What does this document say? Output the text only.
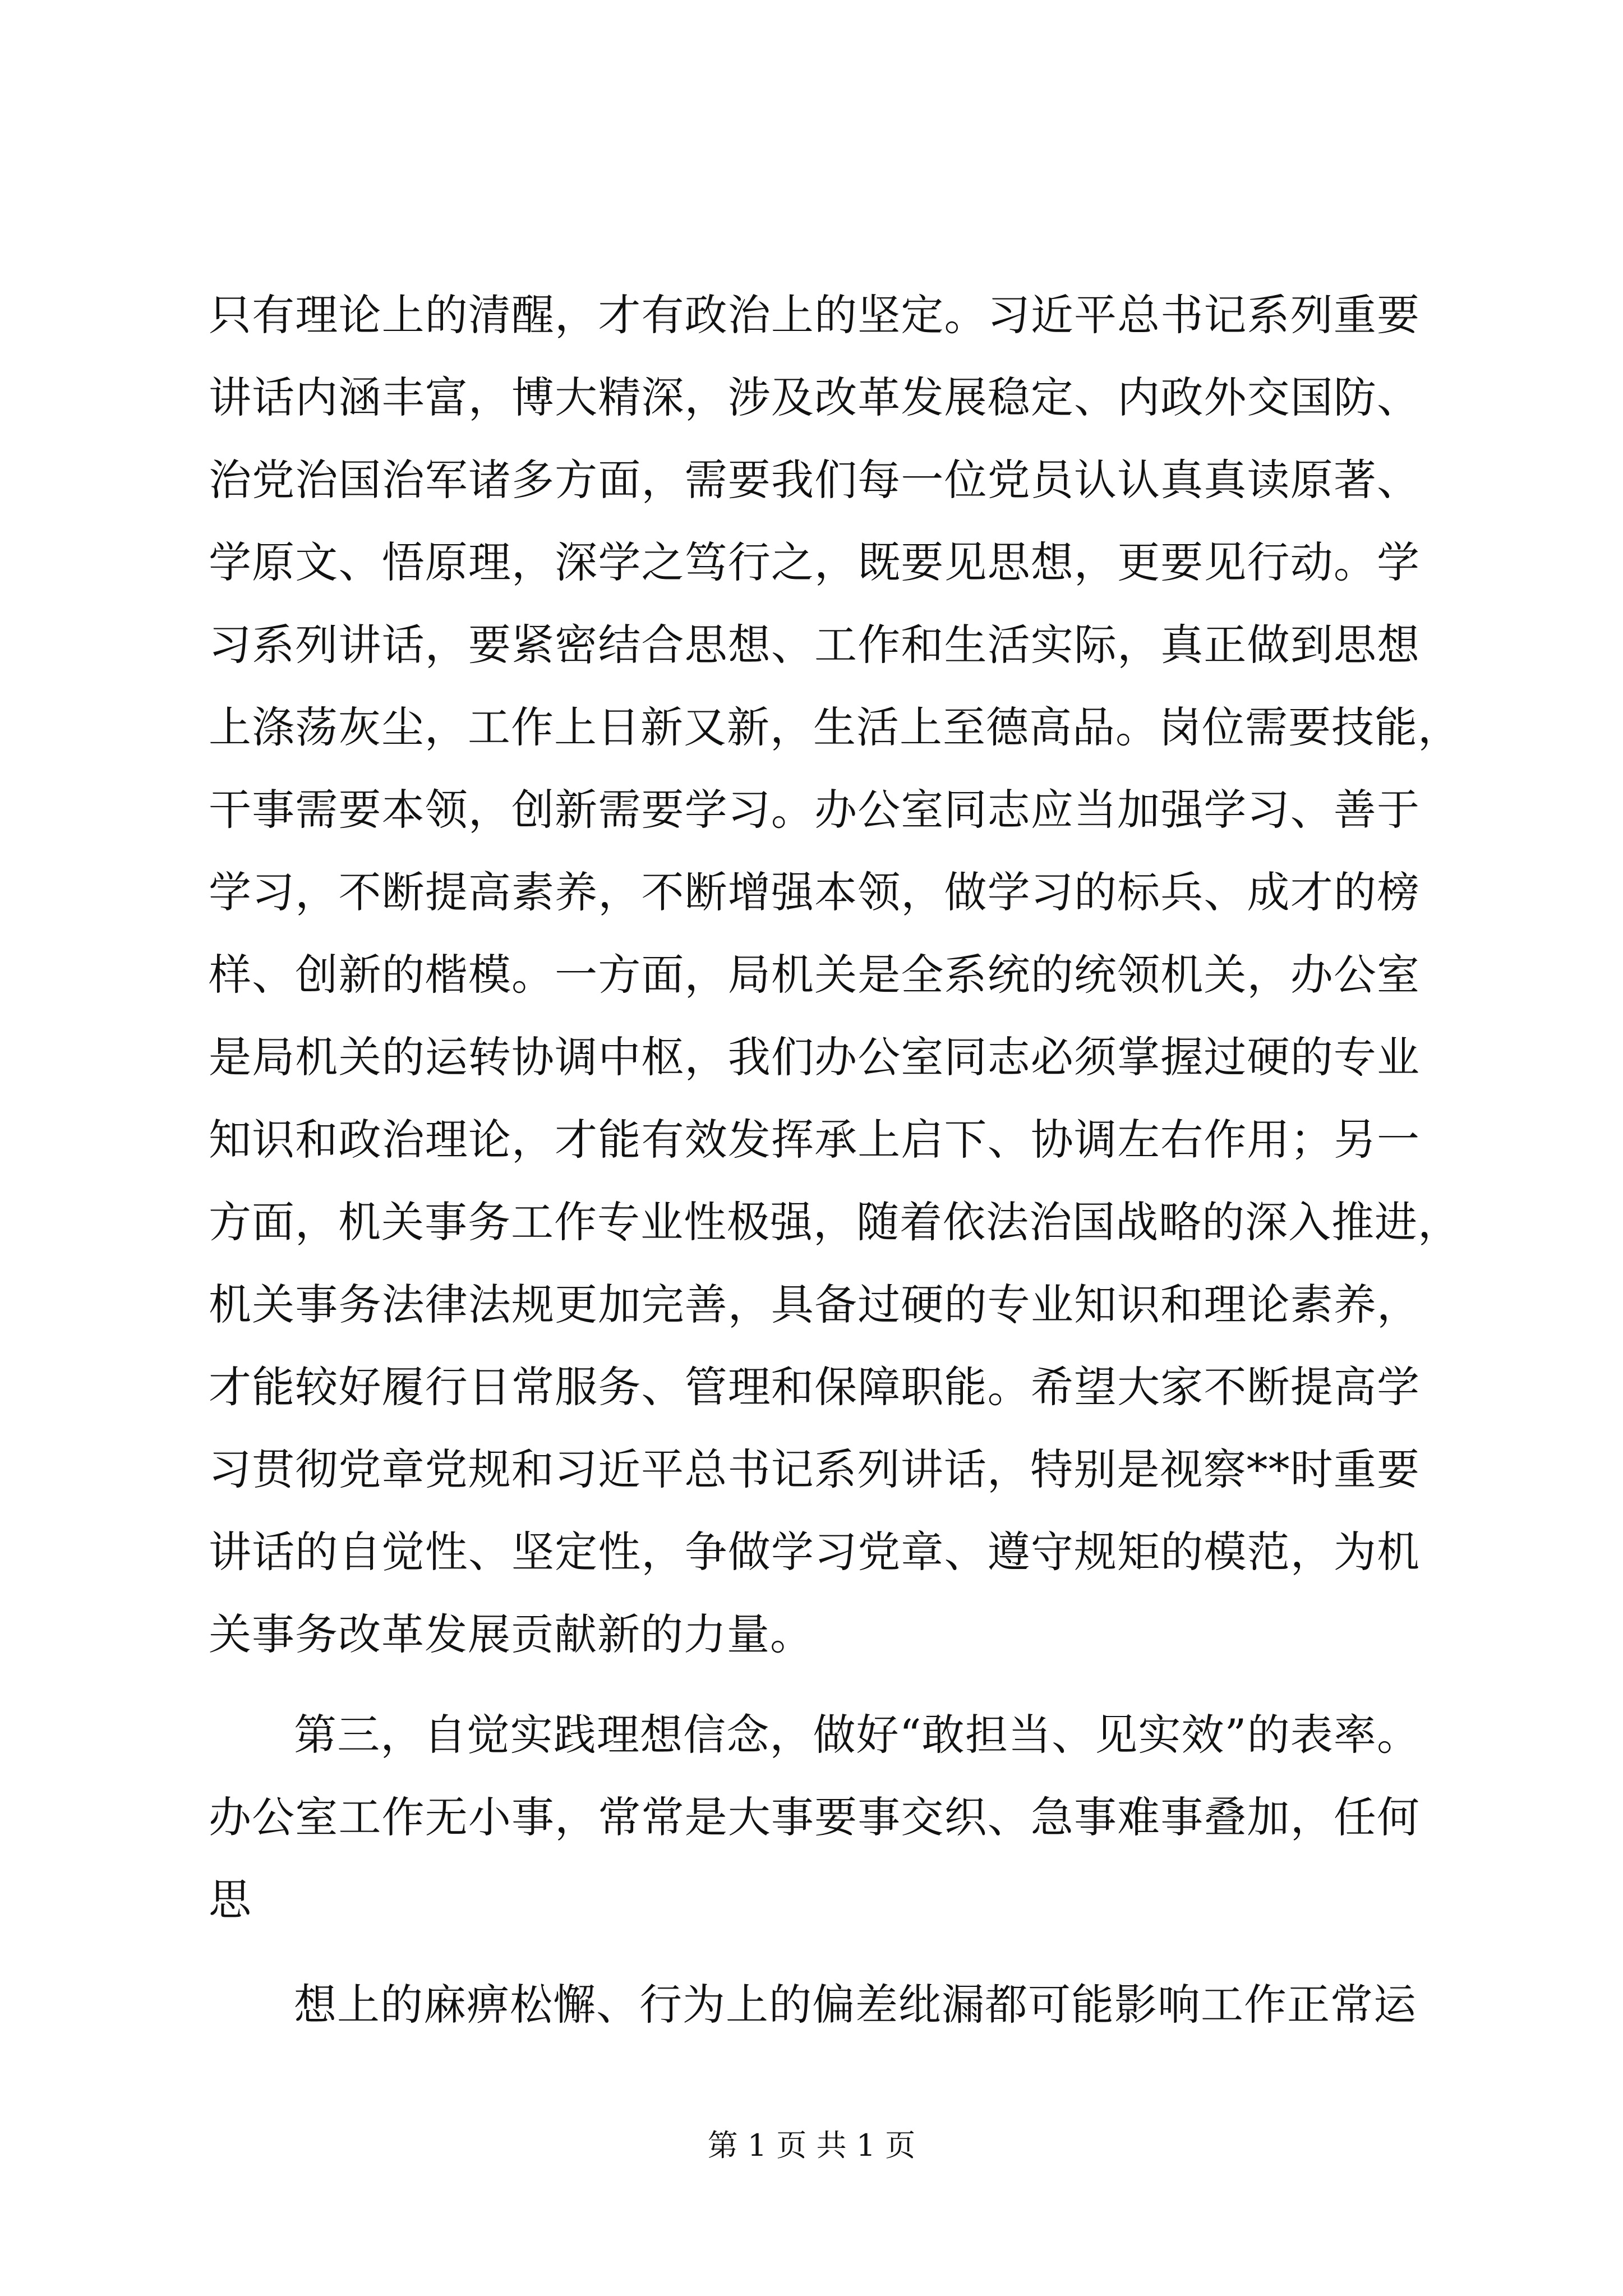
只有理论上的清醒，才有政治上的坚定。习近平总书记系列重要
讲话内涵丰富，博大精深，涉及改革发展稳定、内政外交国防、
治党治国治军诸多方面，需要我们每一位党员认认真真读原著、
学原文、悟原理，深学之笃行之，既要见思想，更要见行动。学
习系列讲话，要紧密结合思想、工作和生活实际，真正做到思想
上涤荡灰尘，工作上日新又新，生活上至德高品。岗位需要技能，
干事需要本领，创新需要学习。办公室同志应当加强学习、善于
学习，不断提高素养，不断增强本领，做学习的标兵、成才的榜
样、创新的楷模。一方面，局机关是全系统的统领机关，办公室
是局机关的运转协调中枢，我们办公室同志必须掌握过硬的专业
知识和政治理论，才能有效发挥承上启下、协调左右作用；另一
方面，机关事务工作专业性极强，随着依法治国战略的深入推进，
机关事务法律法规更加完善，具备过硬的专业知识和理论素养，
才能较好履行日常服务、管理和保障职能。希望大家不断提高学
习贯彻党章党规和习近平总书记系列讲话，特别是视察**时重要
讲话的自觉性、坚定性，争做学习党章、遵守规矩的模范，为机
关事务改革发展贡献新的力量。
第三，自觉实践理想信念，做好“敢担当、见实效”的表率。
办公室工作无小事，常常是大事要事交织、急事难事叠加，任何
思
想上的麻痹松懈、行为上的偏差纰漏都可能影响工作正常运
第 1 页 共 1 页
